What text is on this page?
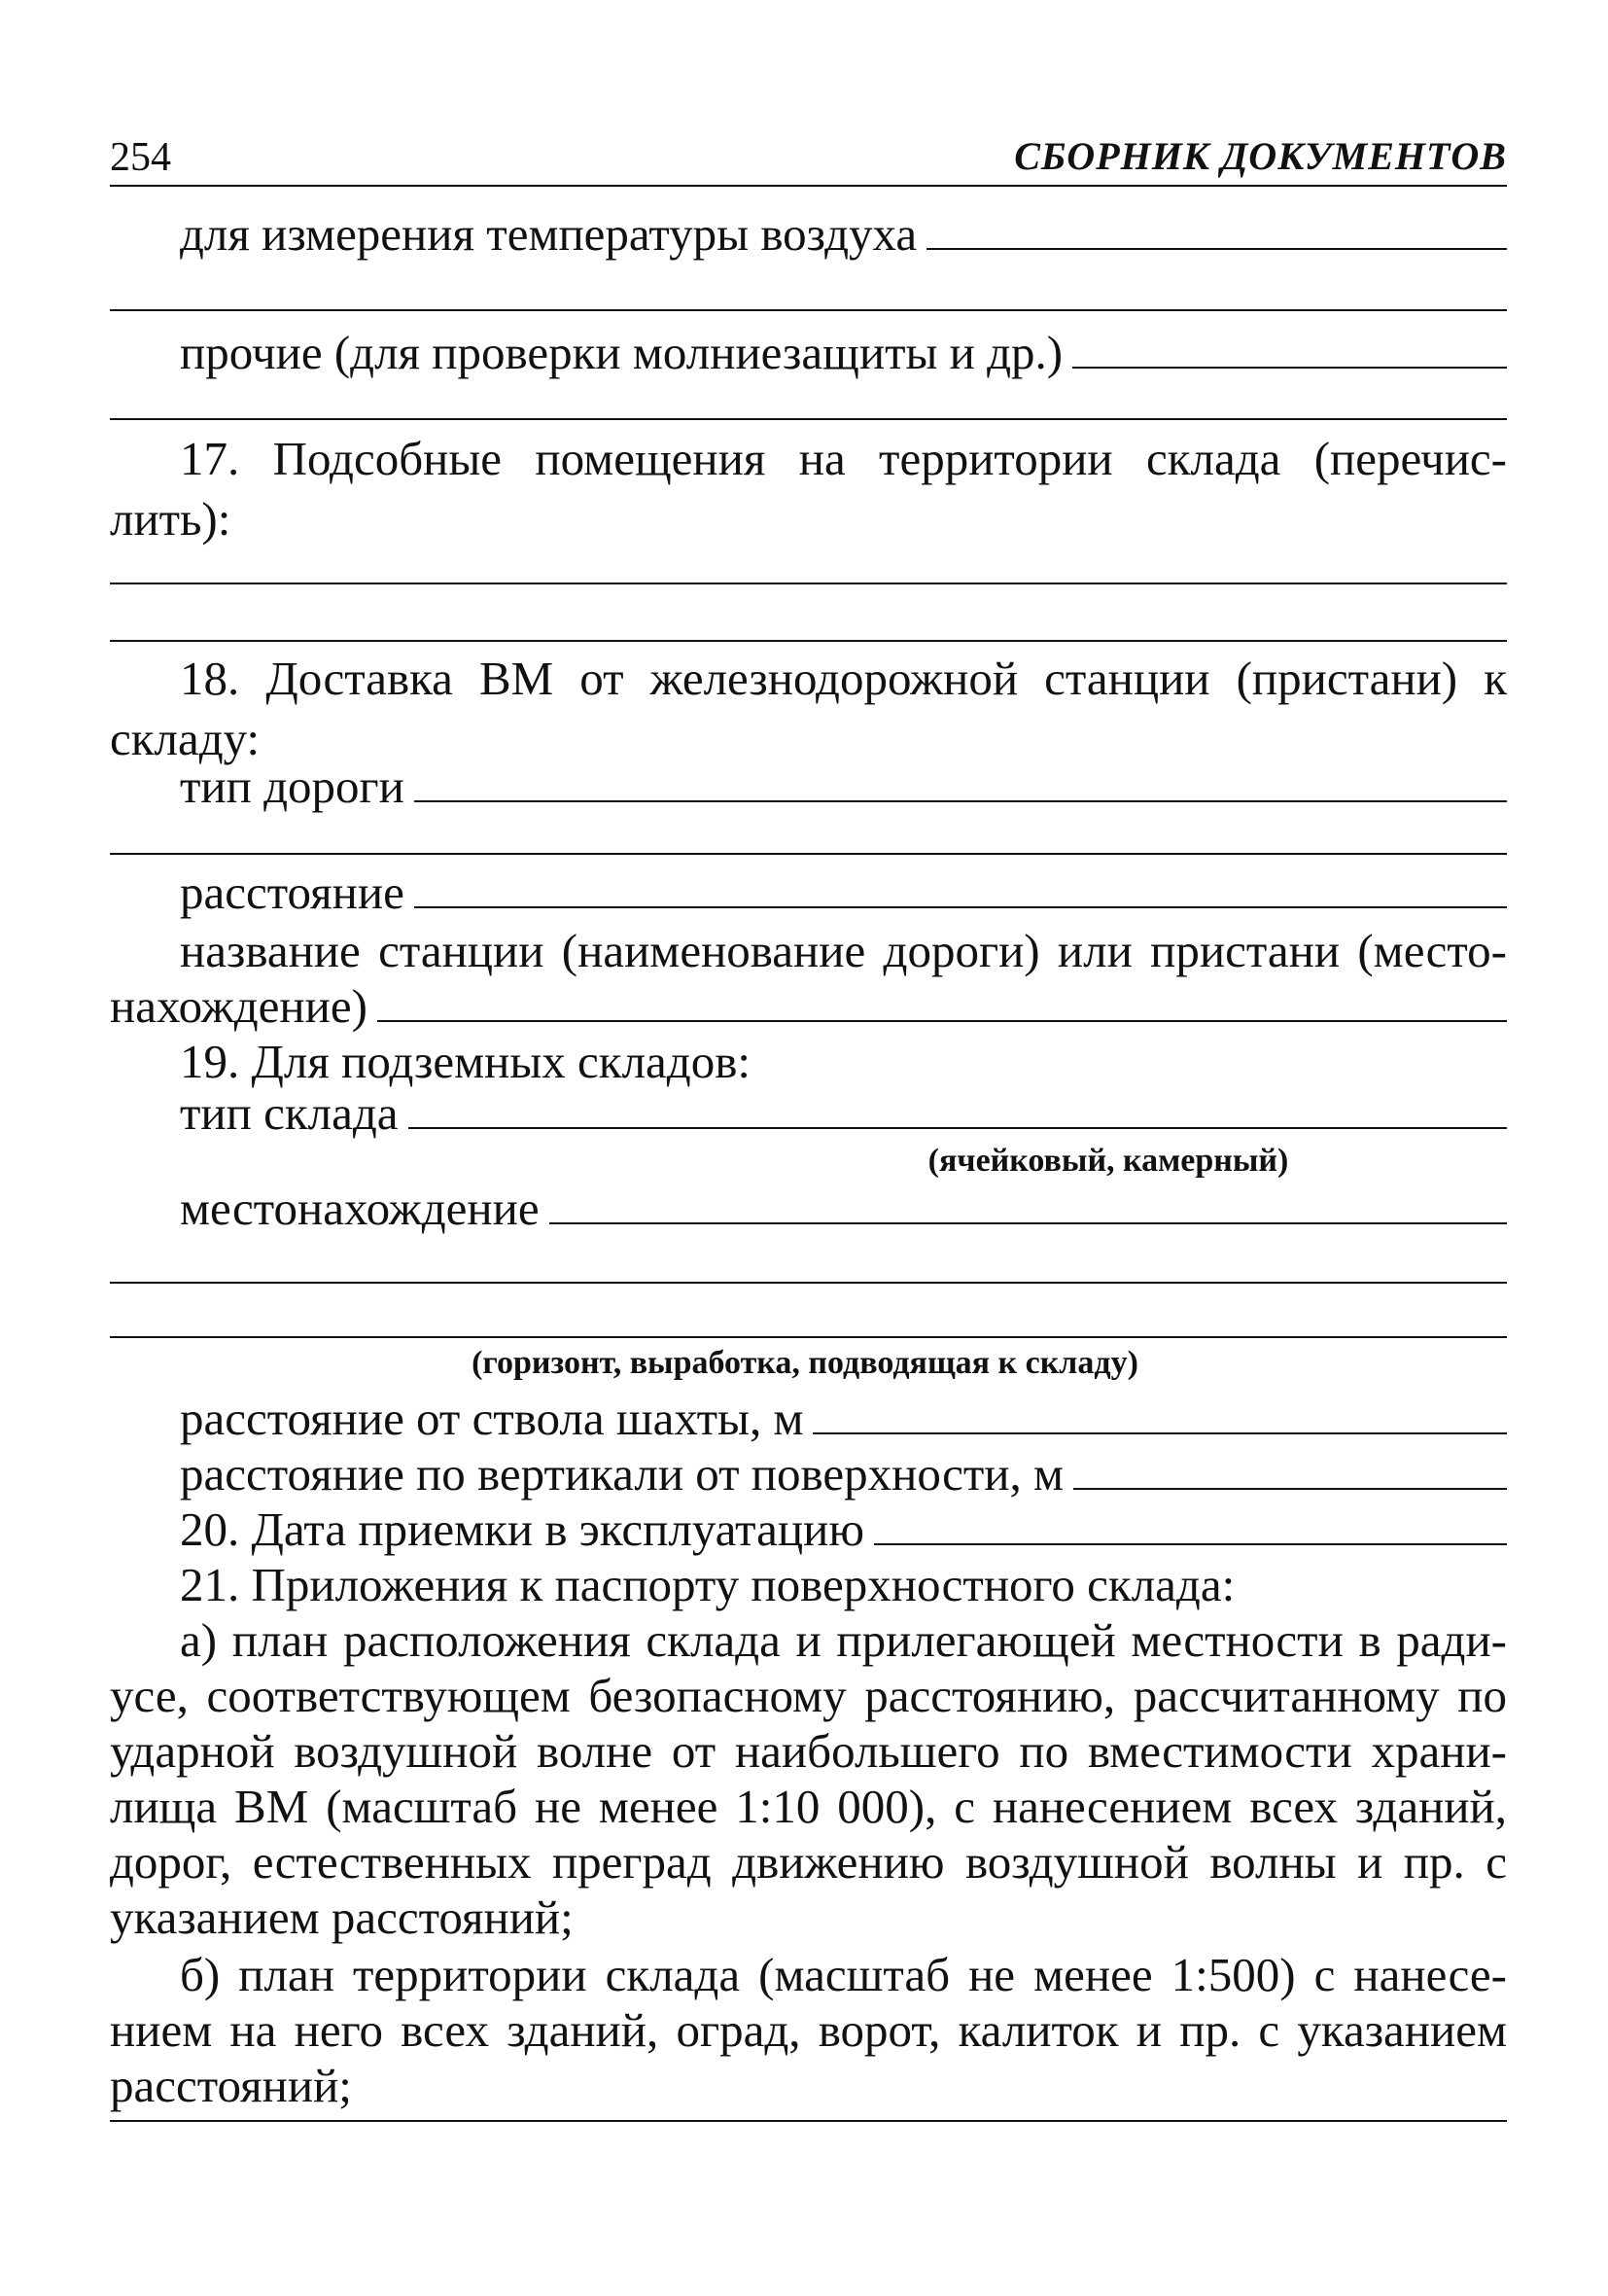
254	СБОРНИК ДОКУМЕНТОВ
для измерения температуры воздуха
прочие (для проверки молниезащиты и др.)
17. Подсобные помещения на территории склада (перечис-
лить):
18. Доставка ВМ от железнодорожной станции (пристани) к
складу:
тип дороги
расстояние
название станции (наименование дороги) или пристани (место-
нахождение)
19. Для подземных складов:
тип склада
(ячейковый, камерный)
местонахождение
(горизонт, выработка, подводящая к складу)
расстояние от ствола шахты, м
расстояние по вертикали от поверхности, м
20. Дата приемки в эксплуатацию
21. Приложения к паспорту поверхностного склада:
а) план расположения склада и прилегающей местности в ради-
усе, соответствующем безопасному расстоянию, рассчитанному по
ударной воздушной волне от наибольшего по вместимости храни-
лища ВМ (масштаб не менее 1:10 000), с нанесением всех зданий,
дорог, естественных преград движению воздушной волны и пр. с
указанием расстояний;
б) план территории склада (масштаб не менее 1:500) с нанесе-
нием на него всех зданий, оград, ворот, калиток и пр. с указанием
расстояний;
